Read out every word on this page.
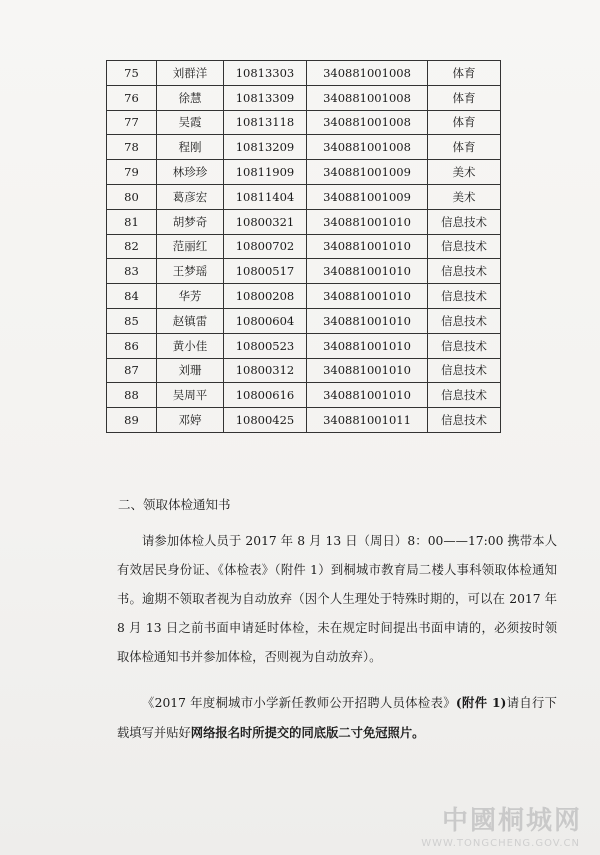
75	刘群洋	10813303	340881001008	体育
76	徐慧	10813309	340881001008	体育
77	吴霞	10813118	340881001008	体育
78	程刚	10813209	340881001008	体育
79	林珍珍	10811909	340881001009	美术
80	葛彦宏	10811404	340881001009	美术
81	胡梦奇	10800321	340881001010	信息技术
82	范丽红	10800702	340881001010	信息技术
83	王梦瑶	10800517	340881001010	信息技术
84	华芳	10800208	340881001010	信息技术
85	赵镇雷	10800604	340881001010	信息技术
86	黄小佳	10800523	340881001010	信息技术
87	刘珊	10800312	340881001010	信息技术
88	吴周平	10800616	340881001010	信息技术
89	邓婷	10800425	340881001011	信息技术

二、领取体检通知书

请参加体检人员于 2017 年 8 月 13 日（周日）8：00——17:00 携带本人有效居民身份证、《体检表》（附件 1）到桐城市教育局二楼人事科领取体检通知书。逾期不领取者视为自动放弃（因个人生理处于特殊时期的，可以在 2017 年 8 月 13 日之前书面申请延时体检，未在规定时间提出书面申请的，必须按时领取体检通知书并参加体检，否则视为自动放弃）。

《2017 年度桐城市小学新任教师公开招聘人员体检表》(附件 1)请自行下载填写并贴好网络报名时所提交的同底版二寸免冠照片。

中國桐城网
WWW.TONGCHENG.GOV.CN
